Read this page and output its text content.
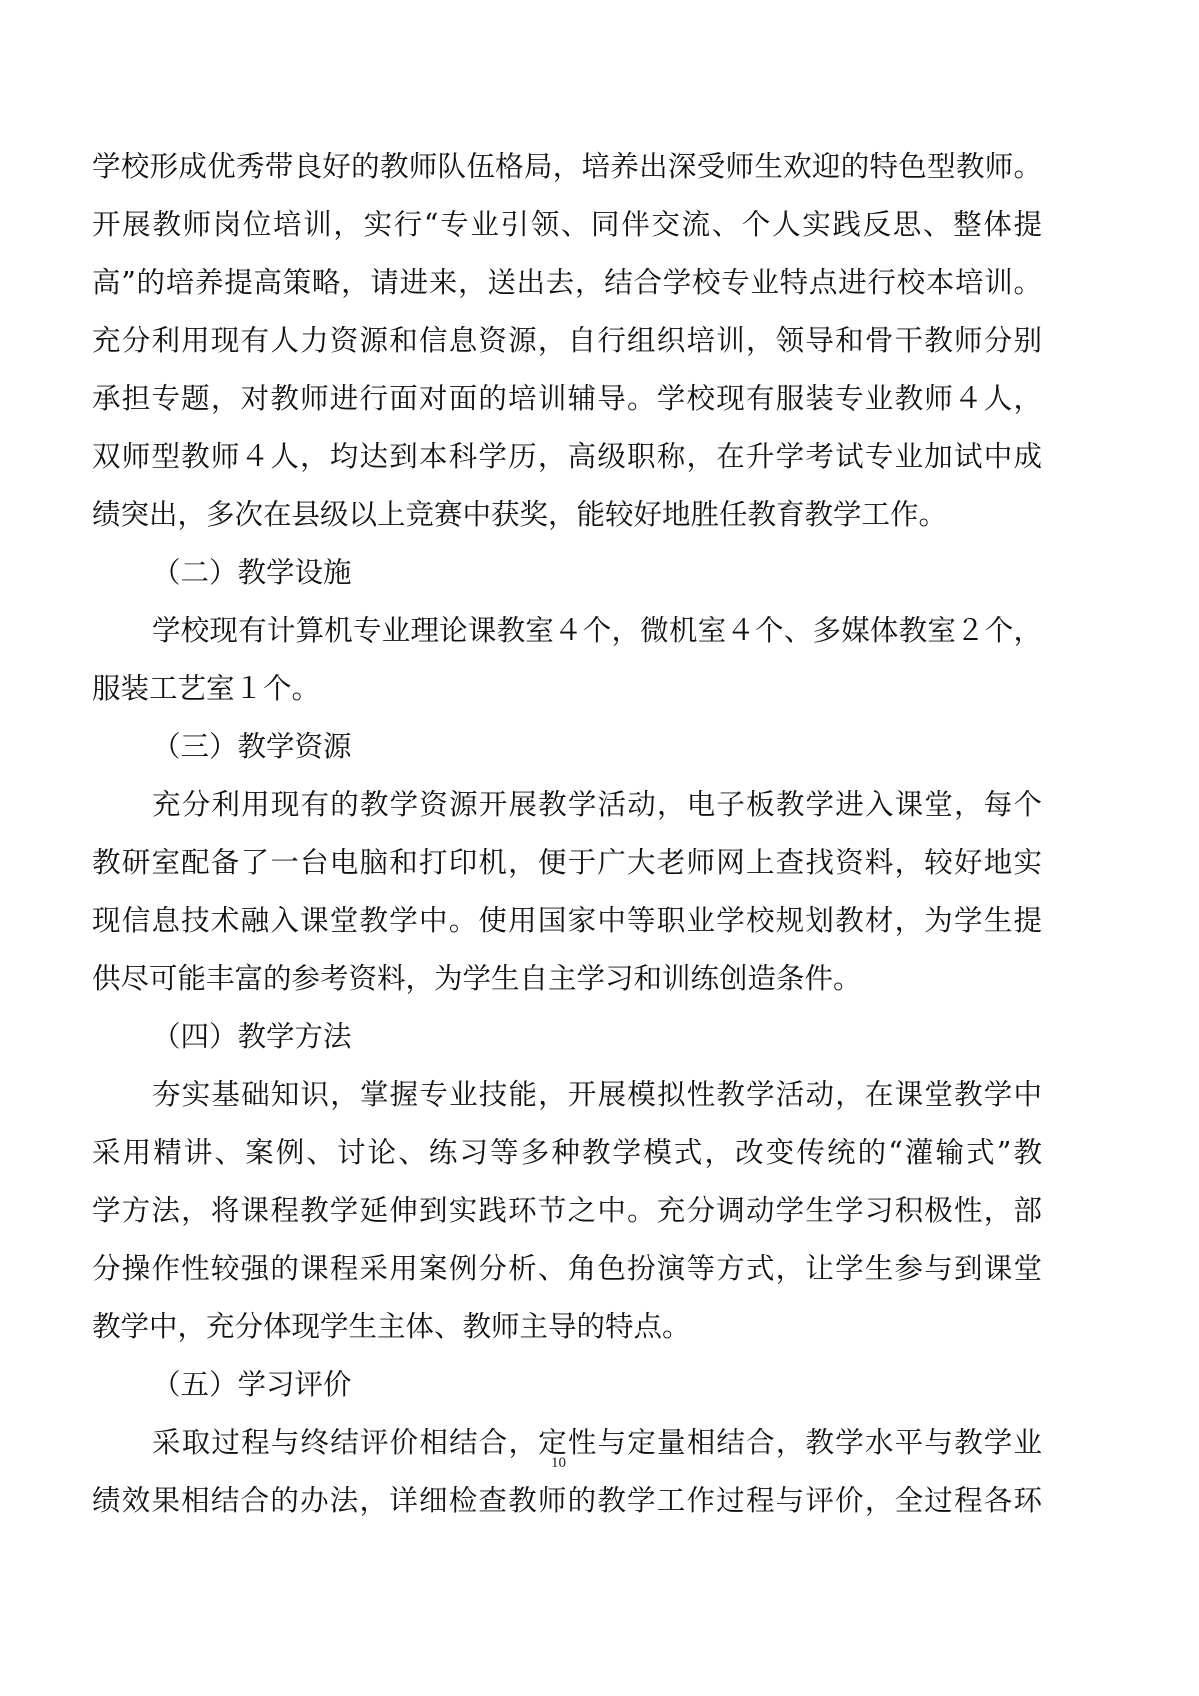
学校形成优秀带良好的教师队伍格局，培养出深受师生欢迎的特色型教师。
开展教师岗位培训，实行“专业引领、同伴交流、个人实践反思、整体提
高”的培养提高策略，请进来，送出去，结合学校专业特点进行校本培训。
充分利用现有人力资源和信息资源，自行组织培训，领导和骨干教师分别
承担专题，对教师进行面对面的培训辅导。学校现有服装专业教师４人，
双师型教师４人，均达到本科学历，高级职称，在升学考试专业加试中成
绩突出，多次在县级以上竞赛中获奖，能较好地胜任教育教学工作。
（二）教学设施
学校现有计算机专业理论课教室４个，微机室４个、多媒体教室２个，
服装工艺室１个。
（三）教学资源
充分利用现有的教学资源开展教学活动，电子板教学进入课堂，每个
教研室配备了一台电脑和打印机，便于广大老师网上查找资料，较好地实
现信息技术融入课堂教学中。使用国家中等职业学校规划教材，为学生提
供尽可能丰富的参考资料，为学生自主学习和训练创造条件。
（四）教学方法
夯实基础知识，掌握专业技能，开展模拟性教学活动，在课堂教学中
采用精讲、案例、讨论、练习等多种教学模式，改变传统的“灌输式”教
学方法，将课程教学延伸到实践环节之中。充分调动学生学习积极性，部
分操作性较强的课程采用案例分析、角色扮演等方式，让学生参与到课堂
教学中，充分体现学生主体、教师主导的特点。
（五）学习评价
采取过程与终结评价相结合，定性与定量相结合，教学水平与教学业
绩效果相结合的办法，详细检查教师的教学工作过程与评价，全过程各环
10
